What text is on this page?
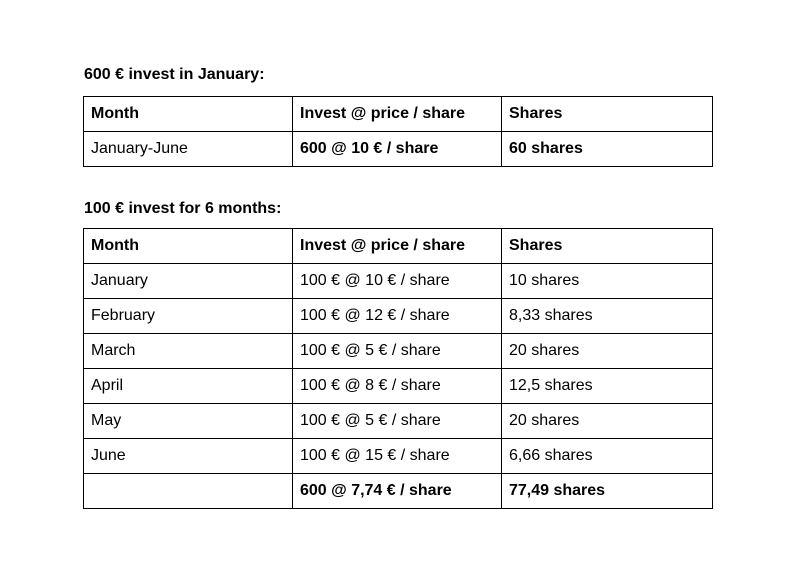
600 € invest in January:

Month	Invest @ price / share	Shares
January-June	600 @ 10 € / share	60 shares

100 € invest for 6 months:

Month	Invest @ price / share	Shares
January	100 € @ 10 € / share	10 shares
February	100 € @ 12 € / share	8,33 shares
March	100 € @ 5 € / share	20 shares
April	100 € @ 8 € / share	12,5 shares
May	100 € @ 5 € / share	20 shares
June	100 € @ 15 € / share	6,66 shares
	600 @ 7,74 € / share	77,49 shares
